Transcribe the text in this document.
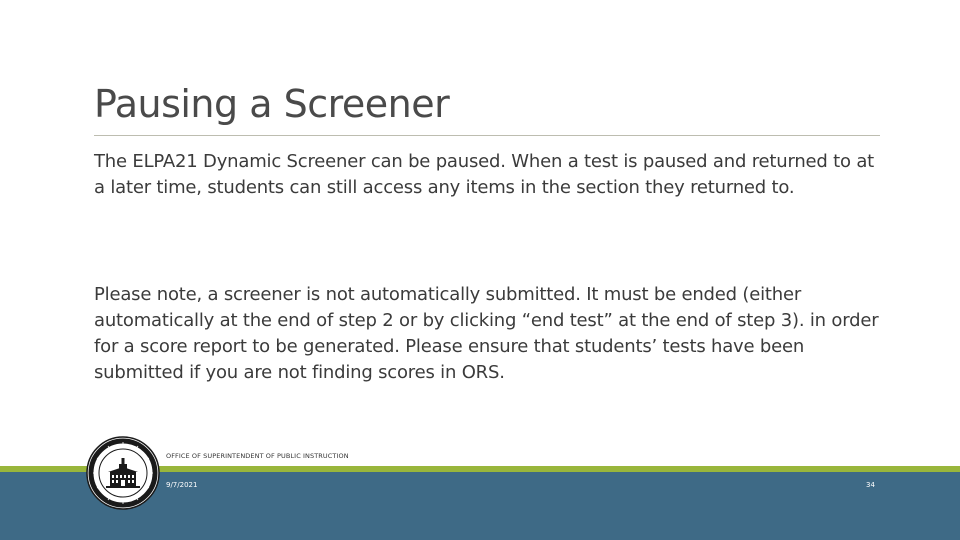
Pausing a Screener

The ELPA21 Dynamic Screener can be paused. When a test is paused and returned to at a later time, students can still access any items in the section they returned to.

Please note, a screener is not automatically submitted. It must be ended (either automatically at the end of step 2 or by clicking “end test” at the end of step 3). in order for a score report to be generated. Please ensure that students’ tests have been submitted if you are not finding scores in ORS.

OFFICE OF SUPERINTENDENT OF PUBLIC INSTRUCTION
9/7/2021	34
